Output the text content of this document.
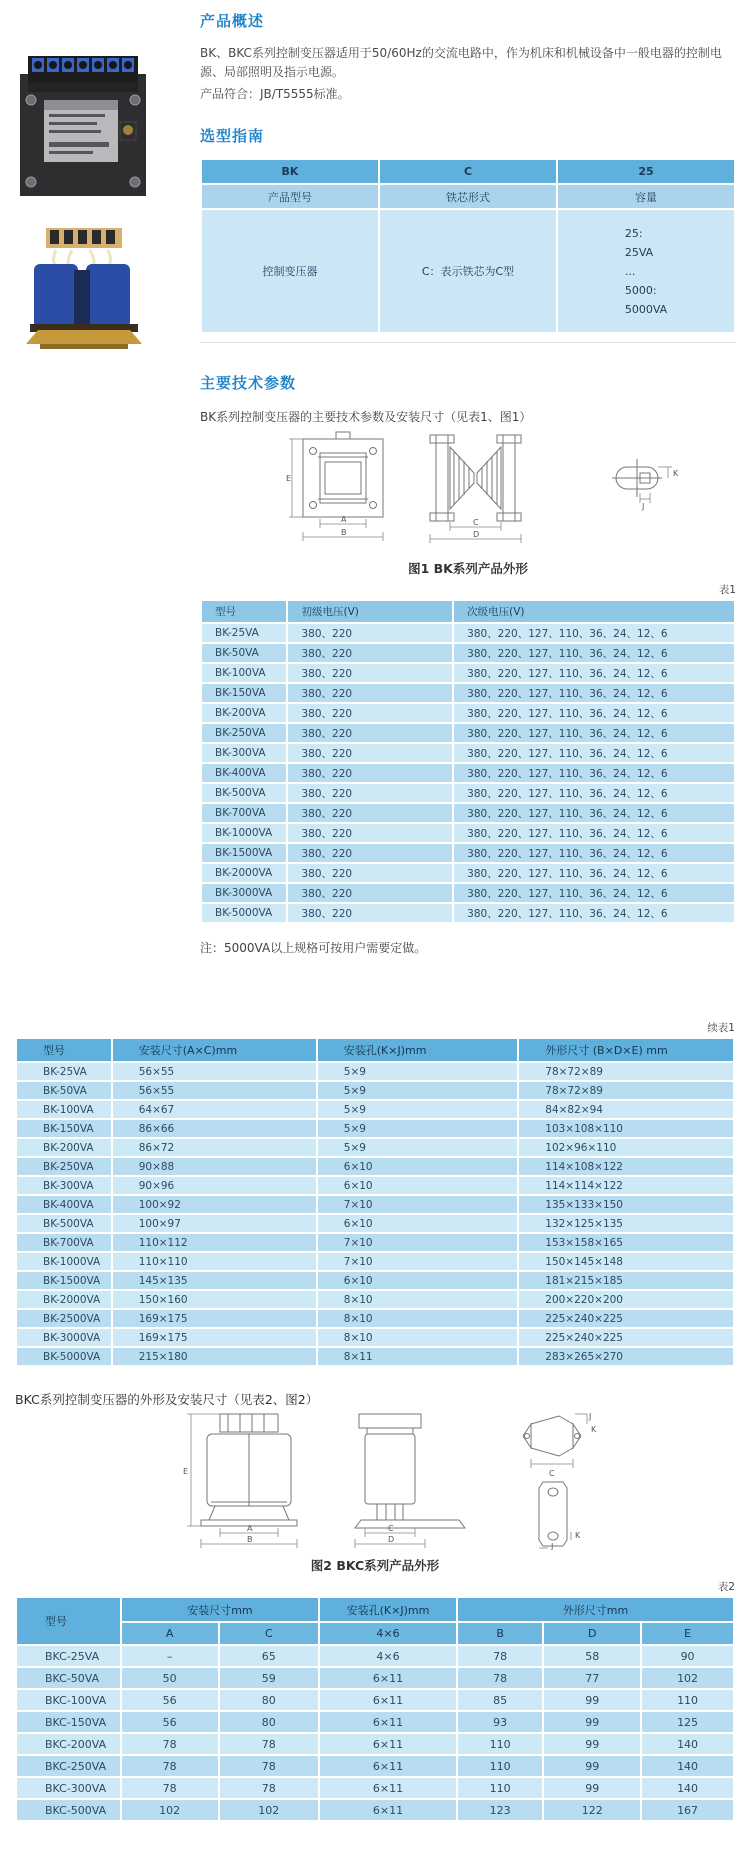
产品概述

BK、BKC系列控制变压器适用于50/60Hz的交流电路中，作为机床和机械设备中一般电器的控制电源、局部照明及指示电源。

产品符合：JB/T5555标准。

选型指南
BK	C	25
产品型号	铁芯形式	容量
控制变压器	C：表示铁芯为C型	25:
25VA
...
5000:
5000VA
主要技术参数

BK系列控制变压器的主要技术参数及安装尺寸（见表1、图1）

E
A
B
C
D
K
J
图1 BK系列产品外形
表1
型号	初级电压(V)	次级电压(V)
BK-25VA	380、220	380、220、127、110、36、24、12、6
BK-50VA	380、220	380、220、127、110、36、24、12、6
BK-100VA	380、220	380、220、127、110、36、24、12、6
BK-150VA	380、220	380、220、127、110、36、24、12、6
BK-200VA	380、220	380、220、127、110、36、24、12、6
BK-250VA	380、220	380、220、127、110、36、24、12、6
BK-300VA	380、220	380、220、127、110、36、24、12、6
BK-400VA	380、220	380、220、127、110、36、24、12、6
BK-500VA	380、220	380、220、127、110、36、24、12、6
BK-700VA	380、220	380、220、127、110、36、24、12、6
BK-1000VA	380、220	380、220、127、110、36、24、12、6
BK-1500VA	380、220	380、220、127、110、36、24、12、6
BK-2000VA	380、220	380、220、127、110、36、24、12、6
BK-3000VA	380、220	380、220、127、110、36、24、12、6
BK-5000VA	380、220	380、220、127、110、36、24、12、6

注：5000VA以上规格可按用户需要定做。

续表1
型号	安装尺寸(A×C)mm	安装孔(K×J)mm	外形尺寸 (B×D×E) mm
BK-25VA	56×55	5×9	78×72×89
BK-50VA	56×55	5×9	78×72×89
BK-100VA	64×67	5×9	84×82×94
BK-150VA	86×66	5×9	103×108×110
BK-200VA	86×72	5×9	102×96×110
BK-250VA	90×88	6×10	114×108×122
BK-300VA	90×96	6×10	114×114×122
BK-400VA	100×92	7×10	135×133×150
BK-500VA	100×97	6×10	132×125×135
BK-700VA	110×112	7×10	153×158×165
BK-1000VA	110×110	7×10	150×145×148
BK-1500VA	145×135	6×10	181×215×185
BK-2000VA	150×160	8×10	200×220×200
BK-2500VA	169×175	8×10	225×240×225
BK-3000VA	169×175	8×10	225×240×225
BK-5000VA	215×180	8×11	283×265×270

BKC系列控制变压器的外形及安装尺寸（见表2、图2）

E
A
B
C
D
J
K
C
K
J
图2 BKC系列产品外形
表2
型号	安装尺寸mm		安装孔(K×J)mm	外形尺寸mm		
	A	C	4×6	B	D	E
BKC-25VA	–	65	4×6	78	58	90
BKC-50VA	50	59	6×11	78	77	102
BKC-100VA	56	80	6×11	85	99	110
BKC-150VA	56	80	6×11	93	99	125
BKC-200VA	78	78	6×11	110	99	140
BKC-250VA	78	78	6×11	110	99	140
BKC-300VA	78	78	6×11	110	99	140
BKC-500VA	102	102	6×11	123	122	167
